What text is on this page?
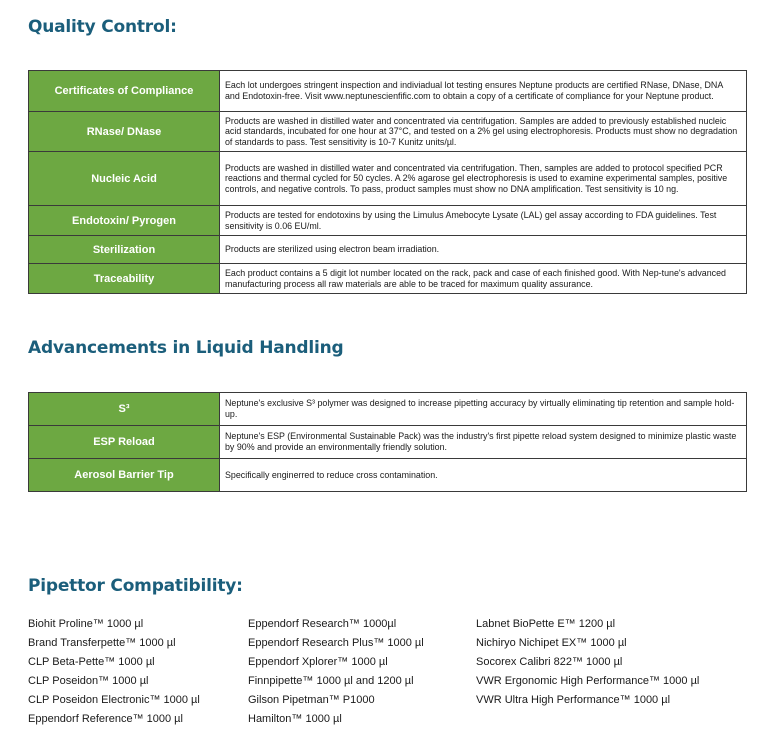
Quality Control:
Certificates of Compliance	Each lot undergoes stringent inspection and indiviadual lot testing ensures Neptune products are certified RNase, DNase, DNA and Endotoxin-free. Visit www.neptunescienfific.com to obtain a copy of a certificate of compliance for your Neptune product.
RNase/ DNase	Products are washed in distilled water and concentrated via centrifugation. Samples are added to previously established nucleic acid standards, incubated for one hour at 37°C, and tested on a 2% gel using electrophoresis. Products must show no degradation of standards to pass. Test sensitivity is 10-7 Kunitz units/µl.
Nucleic Acid	Products are washed in distilled water and concentrated via centrifugation. Then, samples are added to protocol specified PCR reactions and thermal cycled for 50 cycles. A 2% agarose gel electrophoresis is used to examine experimental samples, positive controls, and negative controls. To pass, product samples must show no DNA amplification. Test sensitivity is 10 ng.
Endotoxin/ Pyrogen	Products are tested for endotoxins by using the Limulus Amebocyte Lysate (LAL) gel assay according to FDA guidelines. Test sensitivity is 0.06 EU/ml.
Sterilization	Products are sterilized using electron beam irradiation.
Traceability	Each product contains a 5 digit lot number located on the rack, pack and case of each finished good. With Nep-tune's advanced manufacturing process all raw materials are able to be traced for maximum quality assurance.
Advancements in Liquid Handling
S³	Neptune's exclusive S³ polymer was designed to increase pipetting accuracy by virtually eliminating tip retention and sample hold-up.
ESP Reload	Neptune's ESP (Environmental Sustainable Pack) was the industry's first pipette reload system designed to minimize plastic waste by 90% and provide an environmentally friendly solution.
Aerosol Barrier Tip	Specifically enginerred to reduce cross contamination.
Pipettor Compatibility:
Biohit Proline™ 1000 µl
Brand Transferpette™ 1000 µl
CLP Beta-Pette™ 1000 µl
CLP Poseidon™ 1000 µl
CLP Poseidon Electronic™ 1000 µl
Eppendorf Reference™ 1000 µl
Eppendorf Research™ 1000µl
Eppendorf Research Plus™ 1000 µl
Eppendorf Xplorer™ 1000 µl
Finnpipette™ 1000 µl and 1200 µl
Gilson Pipetman™ P1000
Hamilton™ 1000 µl
Labnet BioPette E™ 1200 µl
Nichiryo Nichipet EX™ 1000 µl
Socorex Calibri 822™ 1000 µl
VWR Ergonomic High Performance™ 1000 µl
VWR Ultra High Performance™ 1000 µl
